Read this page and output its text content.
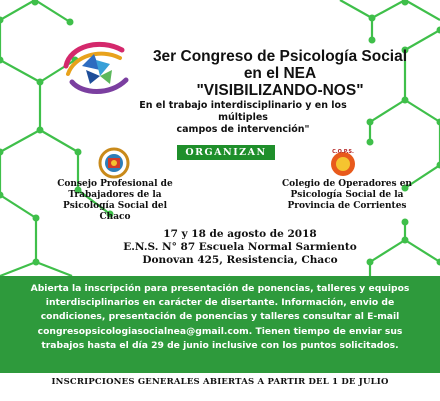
3er Congreso de Psicología Social
en el NEA
"VISIBILIZANDO-NOS"
En el trabajo interdisciplinario y en los múltiples
campos de intervención"
ORGANIZAN
Consejo Profesional de
Trabajadores de la
Psicología Social del Chaco
C.O.P.S.
Colegio de Operadores en
Psicología Social de la
Provincia de Corrientes
17 y 18 de agosto de 2018
E.N.S. N° 87 Escuela Normal Sarmiento
Donovan 425, Resistencia, Chaco
Abierta la inscripción para presentación de ponencias, talleres y equipos
interdisciplinarios en carácter de disertante. Información, envio de
condiciones, presentación de ponencias y talleres consultar al E-mail
congresopsicologiasocialnea@gmail.com. Tienen tiempo de enviar sus
trabajos hasta el día 29 de junio inclusive con los puntos solicitados.
INSCRIPCIONES GENERALES ABIERTAS A PARTIR DEL 1 DE JULIO
